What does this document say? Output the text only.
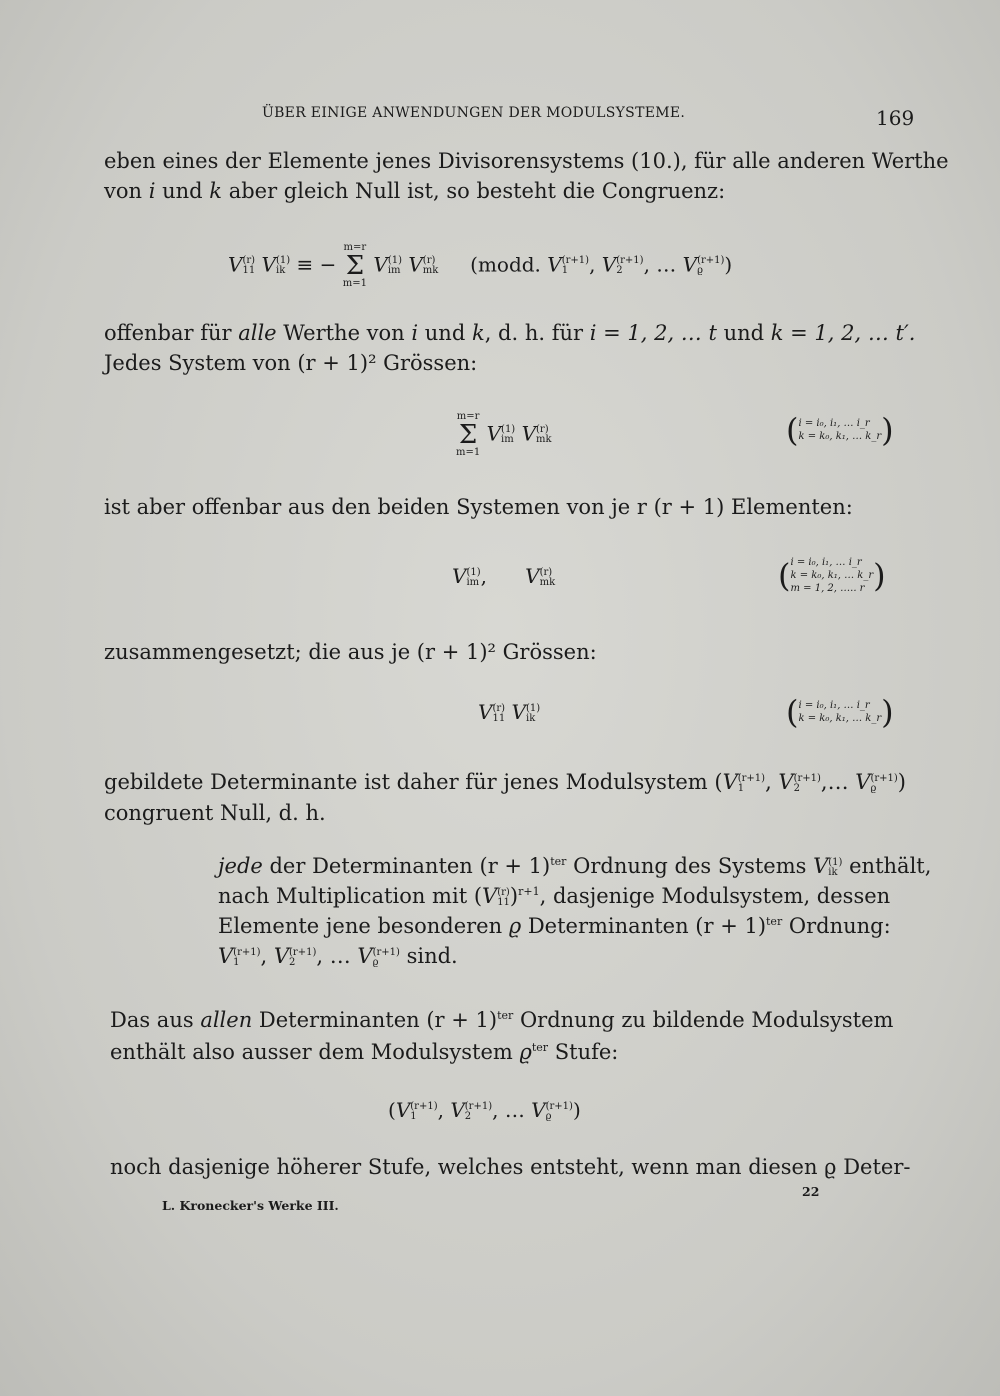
ÜBER EINIGE ANWENDUNGEN DER MODULSYSTEME.	169
eben eines der Elemente jenes Divisorensystems (10.), für alle anderen Werthe
von i und k aber gleich Null ist, so besteht die Congruenz:
V (r)
11 V (1)
ik ≡ − m=r
Σ
m=1 V (1)
im V (r)
mk (modd. V (r+1)
1	, V (r+1)
2	, … V (r+1)
ϱ	)
offenbar für alle Werthe von i und k, d. h. für i = 1, 2, … t und k = 1, 2, … t′.
Jedes System von (r + 1)² Grössen:
m=r
Σ
m=1 V (1)
im V (r)
mk	(i = i₀, i₁, … i_r
k = k₀, k₁, … k_r)
ist aber offenbar aus den beiden Systemen von je r (r + 1) Elementen:
V (1)
im ,      V (r)
mk	(i = i₀, i₁, … i_r
k = k₀, k₁, … k_r
m = 1, 2, ….. r )
zusammengesetzt; die aus je (r + 1)² Grössen:
V (r)
11 V (1)
ik	(i = i₀, i₁, … i_r
k = k₀, k₁, … k_r)
gebildete Determinante ist daher für jenes Modulsystem (V (r+1)
1 , V (r+1)
2 ,… V (r+1)
ϱ	)
congruent Null, d. h.
jede der Determinanten $(r + 1)^{ter}$ Ordnung des Systems V (1)
ik enthält,
nach Multiplication mit (V (r)
11 )$^{r+1}$, dasjenige Modulsystem, dessen
Elemente jene besonderen ϱ Determinanten $(r + 1)^{ter}$ Ordnung:
V (r+1)
1 , V (r+1)
2 , … V (r+1)
ϱ	sind.
Das aus allen Determinanten $(r + 1)^{ter}$ Ordnung zu bildende Modulsystem
enthält also ausser dem Modulsystem $ϱ^{ter}$ Stufe:
(V (r+1)
1	, V (r+1)
2	, … V (r+1)
ϱ	)
noch dasjenige höherer Stufe, welches entsteht, wenn man diesen ϱ Deter-
L. Kronecker's Werke III.
22
